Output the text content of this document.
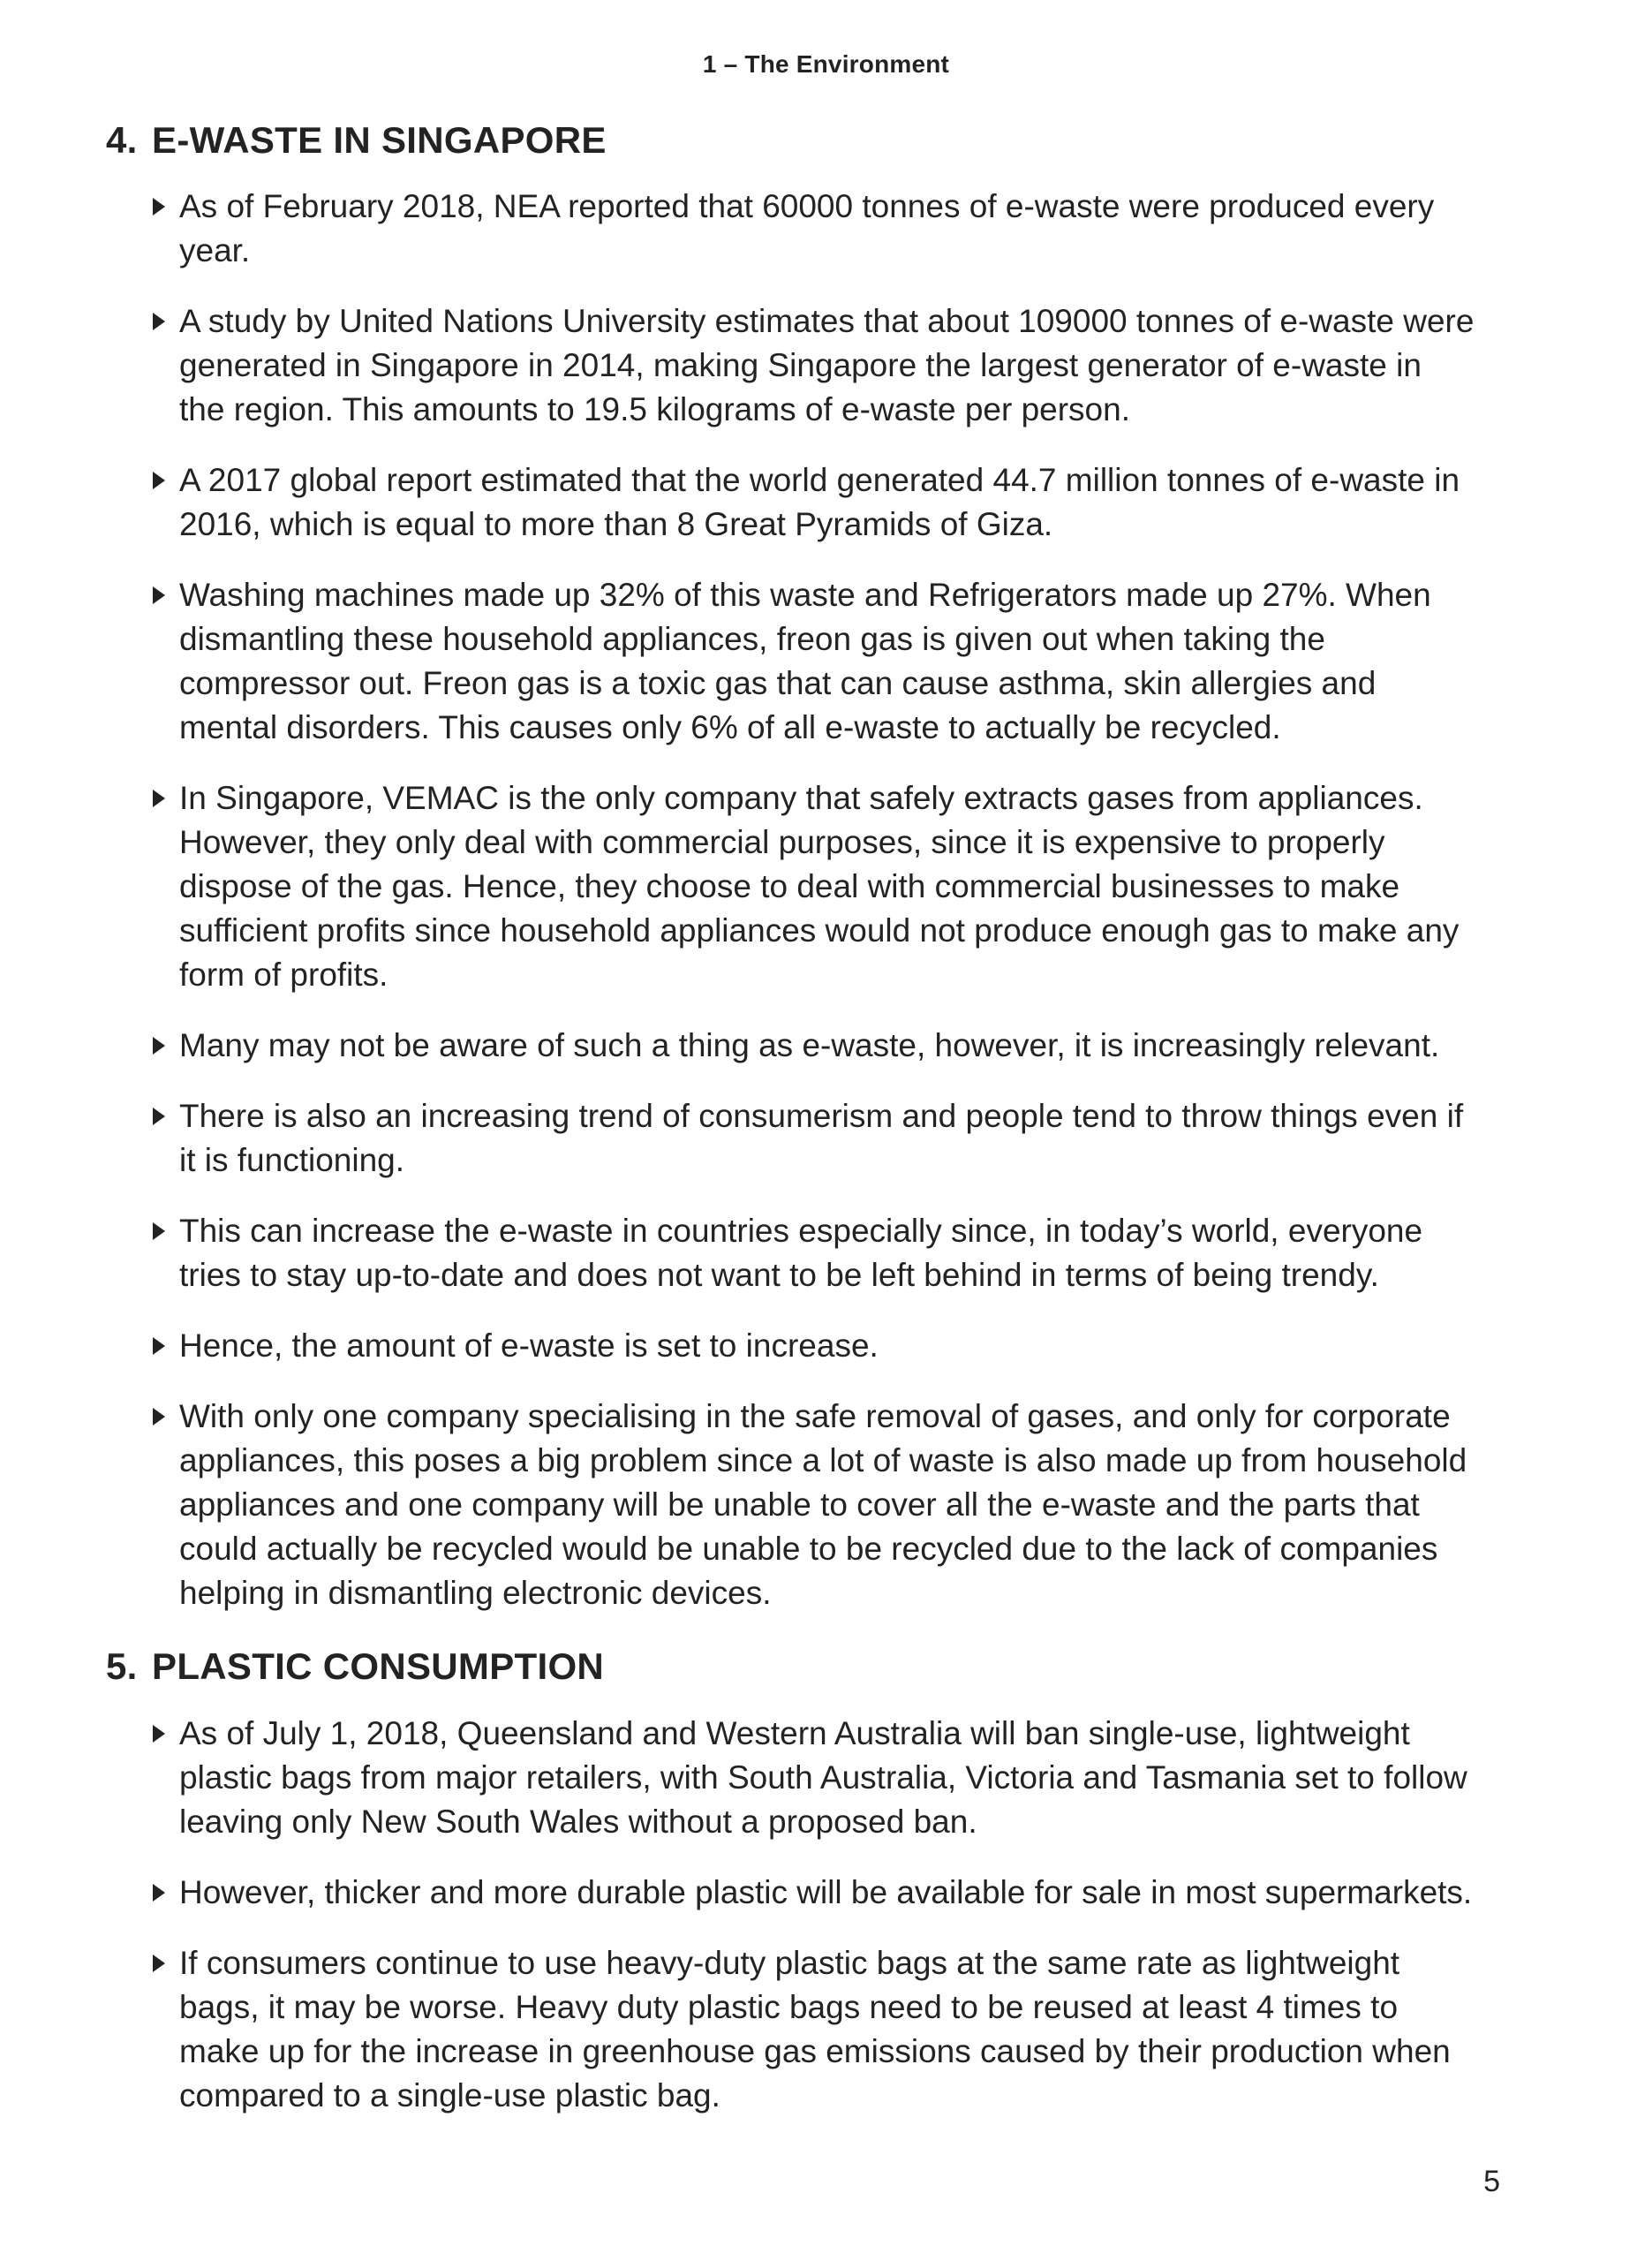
1 – The Environment
4. E-WASTE IN SINGAPORE
As of February 2018, NEA reported that 60000 tonnes of e-waste were produced every year.
A study by United Nations University estimates that about 109000 tonnes of e-waste were generated in Singapore in 2014, making Singapore the largest generator of e-waste in the region. This amounts to 19.5 kilograms of e-waste per person.
A 2017 global report estimated that the world generated 44.7 million tonnes of e-waste in 2016, which is equal to more than 8 Great Pyramids of Giza.
Washing machines made up 32% of this waste and Refrigerators made up 27%. When dismantling these household appliances, freon gas is given out when taking the compressor out. Freon gas is a toxic gas that can cause asthma, skin allergies and mental disorders. This causes only 6% of all e-waste to actually be recycled.
In Singapore, VEMAC is the only company that safely extracts gases from appliances. However, they only deal with commercial purposes, since it is expensive to properly dispose of the gas. Hence, they choose to deal with commercial businesses to make sufficient profits since household appliances would not produce enough gas to make any form of profits.
Many may not be aware of such a thing as e-waste, however, it is increasingly relevant.
There is also an increasing trend of consumerism and people tend to throw things even if it is functioning.
This can increase the e-waste in countries especially since, in today’s world, everyone tries to stay up-to-date and does not want to be left behind in terms of being trendy.
Hence, the amount of e-waste is set to increase.
With only one company specialising in the safe removal of gases, and only for corporate appliances, this poses a big problem since a lot of waste is also made up from household appliances and one company will be unable to cover all the e-waste and the parts that could actually be recycled would be unable to be recycled due to the lack of companies helping in dismantling electronic devices.
5. PLASTIC CONSUMPTION
As of July 1, 2018, Queensland and Western Australia will ban single-use, lightweight plastic bags from major retailers, with South Australia, Victoria and Tasmania set to follow leaving only New South Wales without a proposed ban.
However, thicker and more durable plastic will be available for sale in most supermarkets.
If consumers continue to use heavy-duty plastic bags at the same rate as lightweight bags, it may be worse. Heavy duty plastic bags need to be reused at least 4 times to make up for the increase in greenhouse gas emissions caused by their production when compared to a single-use plastic bag.
5
